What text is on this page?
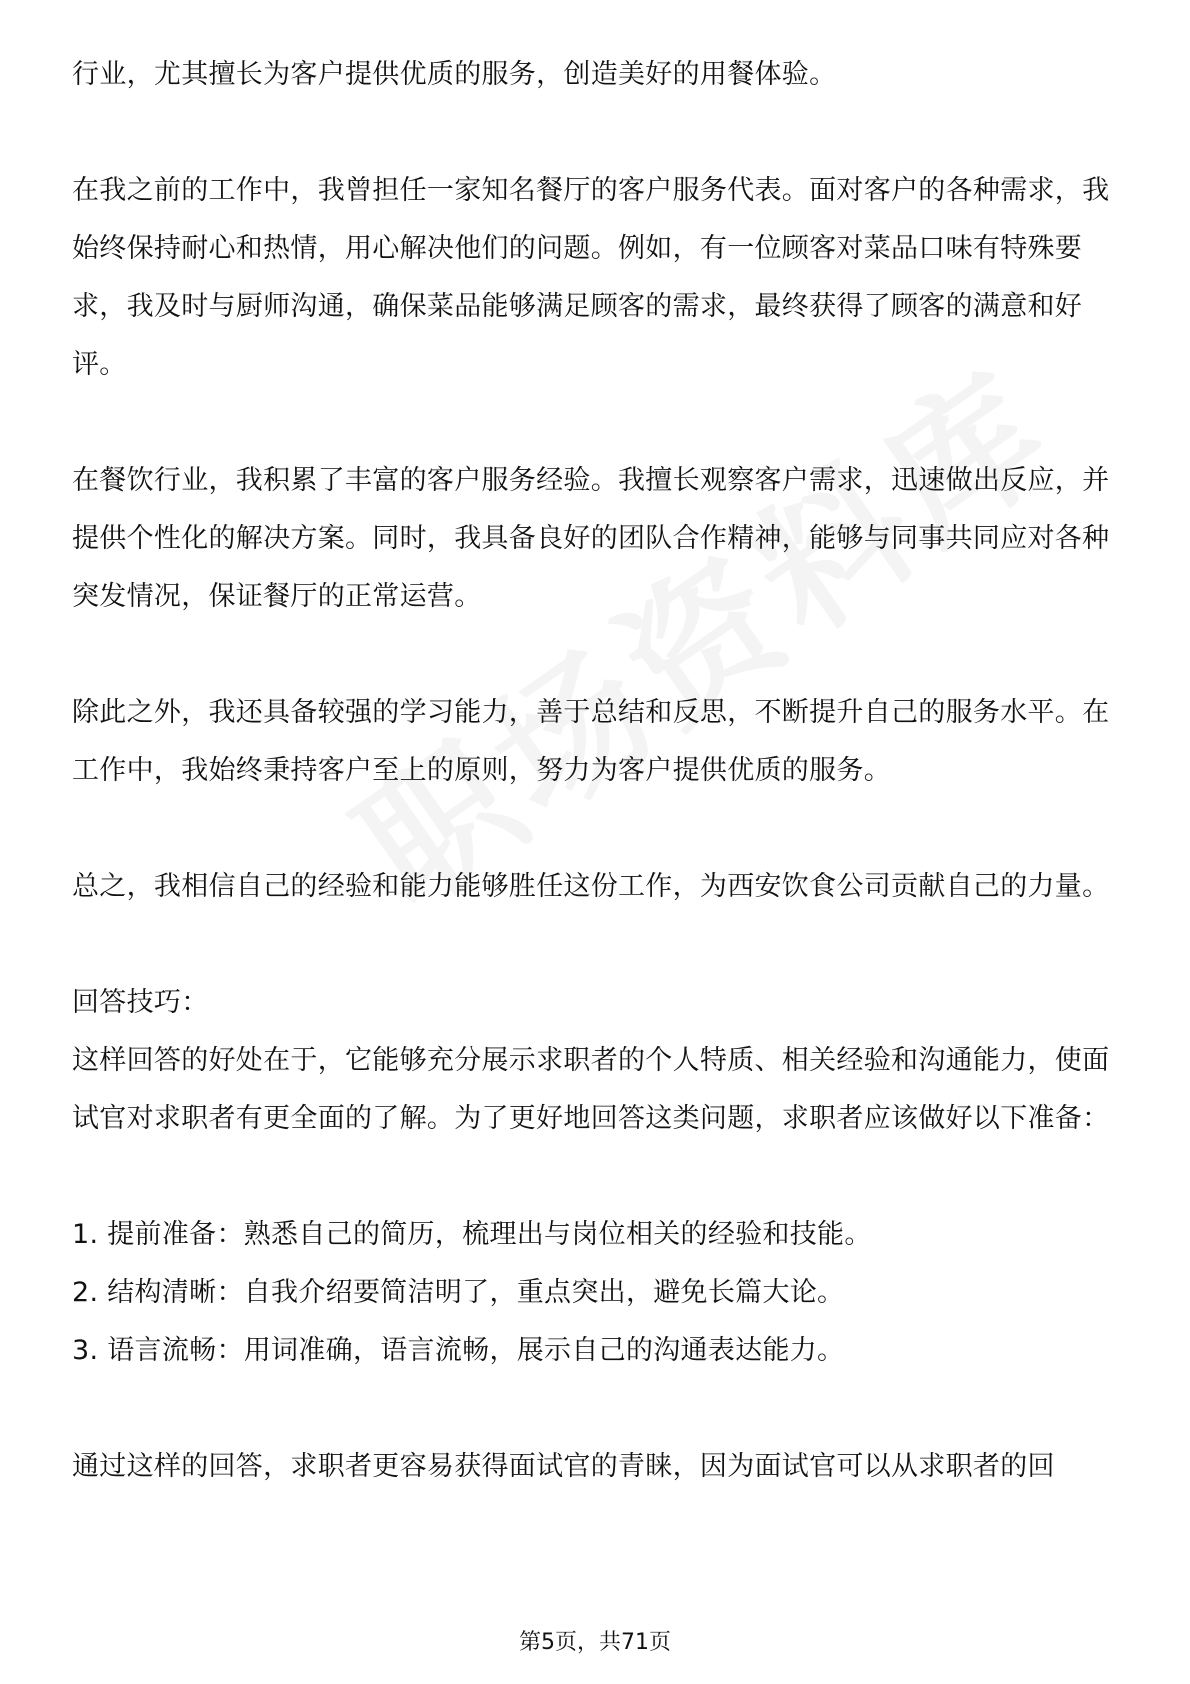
行业，尤其擅长为客户提供优质的服务，创造美好的用餐体验。

在我之前的工作中，我曾担任一家知名餐厅的客户服务代表。面对客户的各种需求，我始终保持耐心和热情，用心解决他们的问题。例如，有一位顾客对菜品口味有特殊要求，我及时与厨师沟通，确保菜品能够满足顾客的需求，最终获得了顾客的满意和好评。

在餐饮行业，我积累了丰富的客户服务经验。我擅长观察客户需求，迅速做出反应，并提供个性化的解决方案。同时，我具备良好的团队合作精神，能够与同事共同应对各种突发情况，保证餐厅的正常运营。

除此之外，我还具备较强的学习能力，善于总结和反思，不断提升自己的服务水平。在工作中，我始终秉持客户至上的原则，努力为客户提供优质的服务。

总之，我相信自己的经验和能力能够胜任这份工作，为西安饮食公司贡献自己的力量。

回答技巧：

这样回答的好处在于，它能够充分展示求职者的个人特质、相关经验和沟通能力，使面试官对求职者有更全面的了解。为了更好地回答这类问题，求职者应该做好以下准备：

1. 提前准备：熟悉自己的简历，梳理出与岗位相关的经验和技能。
2. 结构清晰：自我介绍要简洁明了，重点突出，避免长篇大论。
3. 语言流畅：用词准确，语言流畅，展示自己的沟通表达能力。

通过这样的回答，求职者更容易获得面试官的青睐，因为面试官可以从求职者的回

第5页，共71页
